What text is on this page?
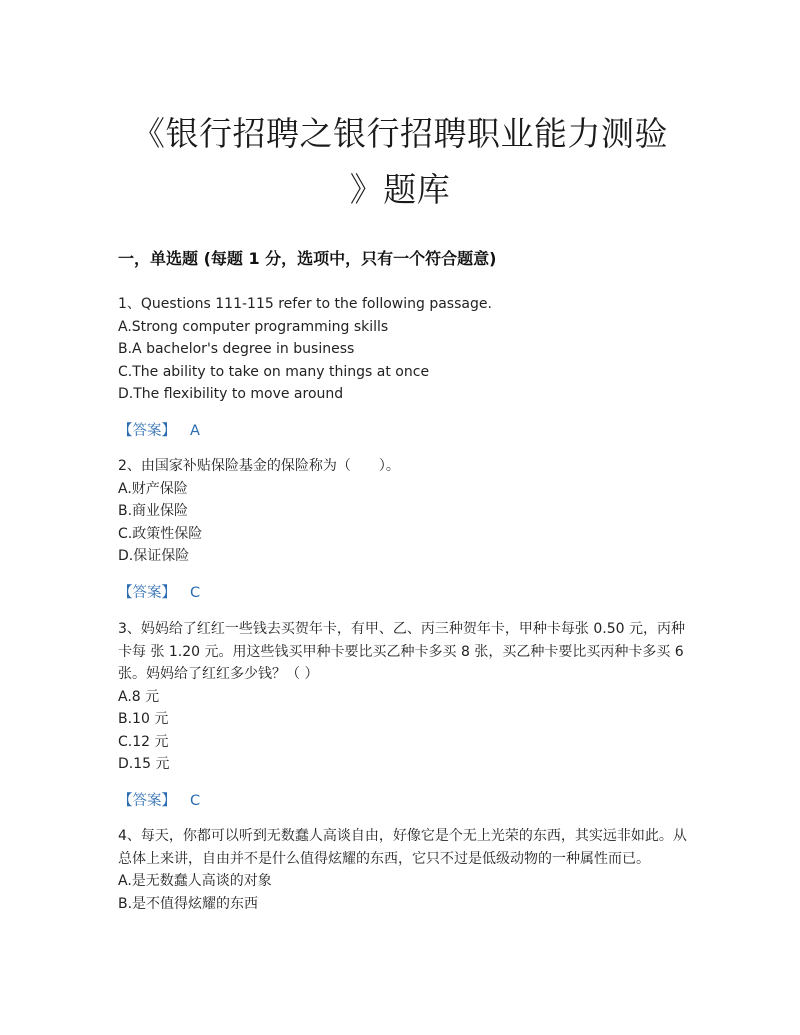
《银行招聘之银行招聘职业能力测验
》题库
一，单选题 (每题 1 分，选项中，只有一个符合题意)
1、Questions 111-115 refer to the following passage.
A.Strong computer programming skills
B.A bachelor's degree in business
C.The ability to take on many things at once
D.The flexibility to move around
【答案】 A
2、由国家补贴保险基金的保险称为（　　）。
A.财产保险
B.商业保险
C.政策性保险
D.保证保险
【答案】 C
3、妈妈给了红红一些钱去买贺年卡，有甲、乙、丙三种贺年卡，甲种卡每张 0.50 元，丙种卡每 张 1.20 元。用这些钱买甲种卡要比买乙种卡多买 8 张，买乙种卡要比买丙种卡多买 6 张。妈妈给了红红多少钱？（ ）
A.8 元
B.10 元
C.12 元
D.15 元
【答案】 C
4、每天，你都可以听到无数蠢人高谈自由，好像它是个无上光荣的东西，其实远非如此。从 总体上来讲，自由并不是什么值得炫耀的东西，它只不过是低级动物的一种属性而已。
A.是无数蠢人高谈的对象
B.是不值得炫耀的东西
